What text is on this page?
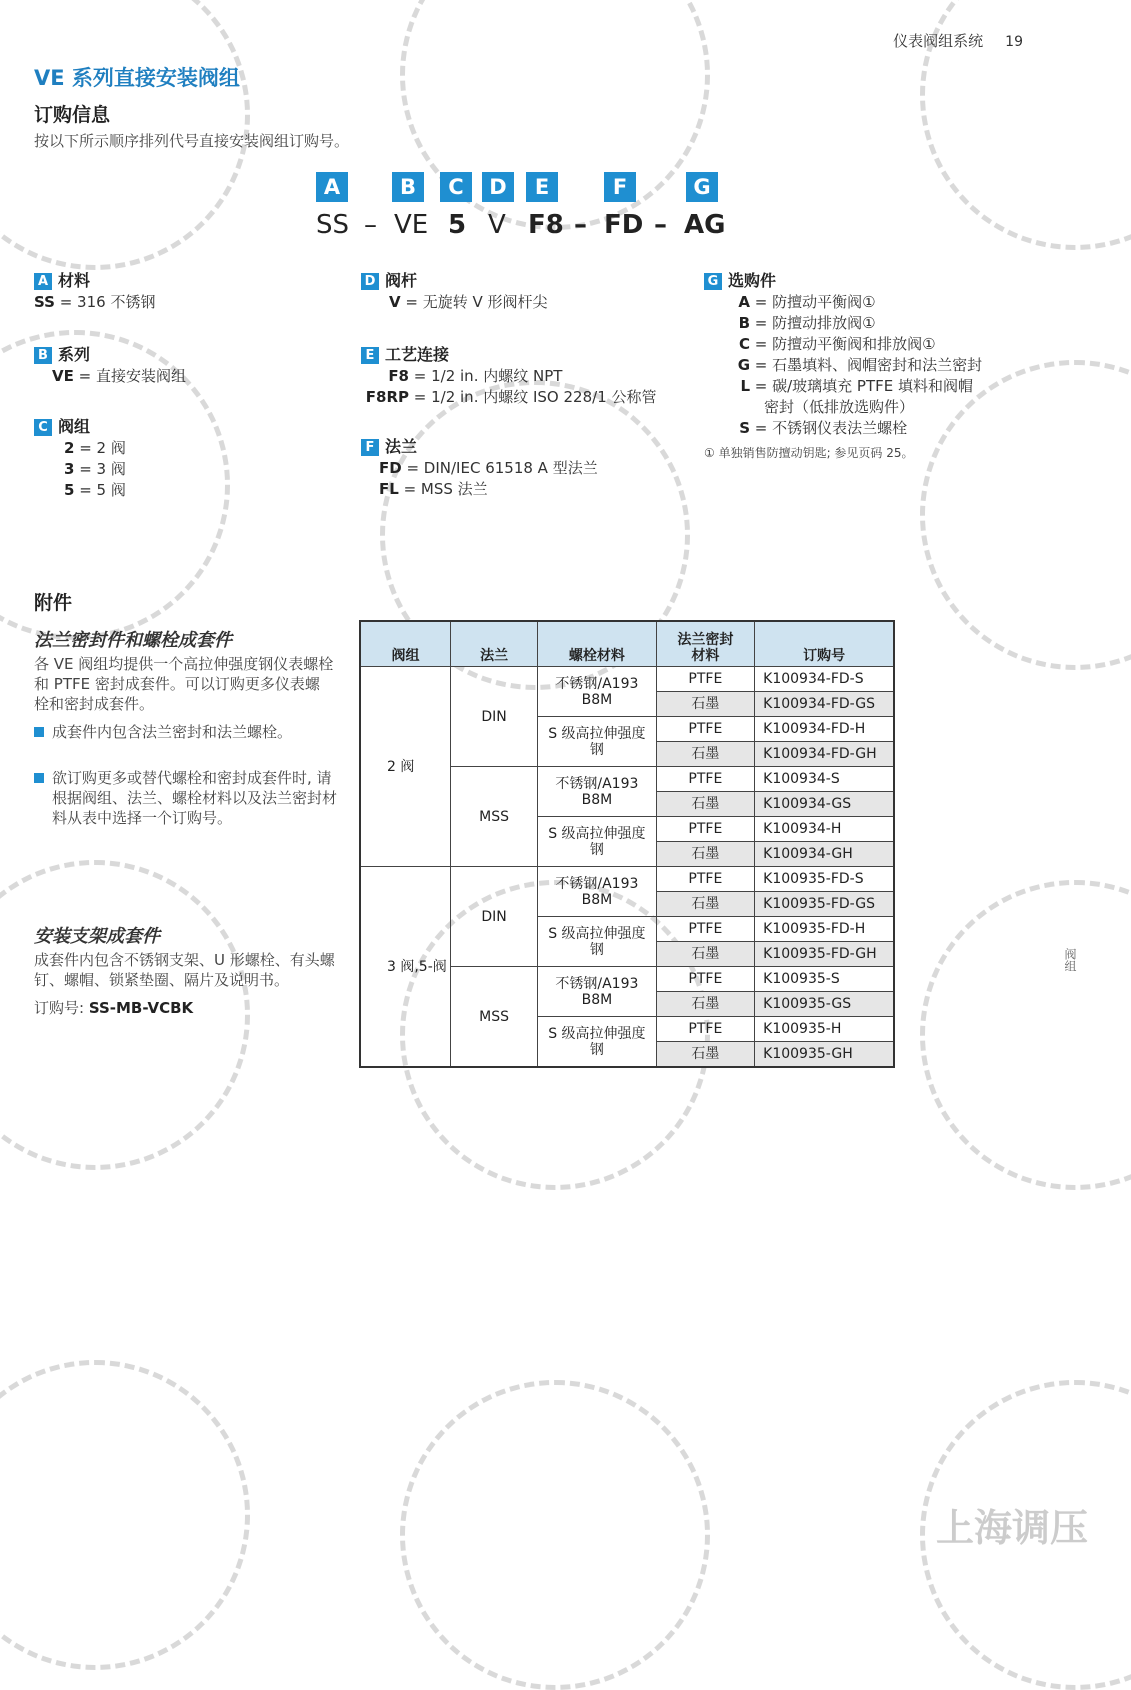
仪表阀组系统 19
VE 系列直接安装阀组
订购信息
按以下所示顺序排列代号直接安装阀组订购号。
A	B	C	D	E	F	G
SS – VE 5 V F8 – FD – AG
A 材料
SS = 316 不锈钢
B 系列
VE = 直接安装阀组
C 阀组
2 = 2 阀
3 = 3 阀
5 = 5 阀
D 阀杆
V = 无旋转 V 形阀杆尖
E 工艺连接
F8 = 1/2 in. 内螺纹 NPT
F8RP = 1/2 in. 内螺纹 ISO 228/1 公称管
F 法兰
FD = DIN/IEC 61518 A 型法兰
FL = MSS 法兰
G 选购件
A = 防擅动平衡阀①
B = 防擅动排放阀①
C = 防擅动平衡阀和排放阀①
G = 石墨填料、阀帽密封和法兰密封
L = 碳/玻璃填充 PTFE 填料和阀帽
密封（低排放选购件）
S = 不锈钢仪表法兰螺栓
① 单独销售防擅动钥匙; 参见页码 25。
附件
法兰密封件和螺栓成套件
各 VE 阀组均提供一个高拉伸强度钢仪表螺栓和 PTFE 密封成套件。可以订购更多仪表螺栓和密封成套件。
成套件内包含法兰密封和法兰螺栓。
欲订购更多或替代螺栓和密封成套件时, 请根据阀组、法兰、螺栓材料以及法兰密封材料从表中选择一个订购号。
安装支架成套件
成套件内包含不锈钢支架、U 形螺栓、有头螺钉、螺帽、锁紧垫圈、隔片及说明书。
订购号: SS-MB-VCBK
阀组	法兰	螺栓材料	法兰密封
材料	订购号
2 阀	DIN	不锈钢/A193 B8M	PTFE	K100934-FD-S
			石墨	K100934-FD-GS
		S 级高拉伸强度钢	PTFE	K100934-FD-H
			石墨	K100934-FD-GH
	MSS	不锈钢/A193 B8M	PTFE	K100934-S
			石墨	K100934-GS
		S 级高拉伸强度钢	PTFE	K100934-H
			石墨	K100934-GH
3 阀,5-阀	DIN	不锈钢/A193 B8M	PTFE	K100935-FD-S
			石墨	K100935-FD-GS
		S 级高拉伸强度钢	PTFE	K100935-FD-H
			石墨	K100935-FD-GH
	MSS	不锈钢/A193 B8M	PTFE	K100935-S
			石墨	K100935-GS
		S 级高拉伸强度钢	PTFE	K100935-H
			石墨	K100935-GH
阀组
上海调压
